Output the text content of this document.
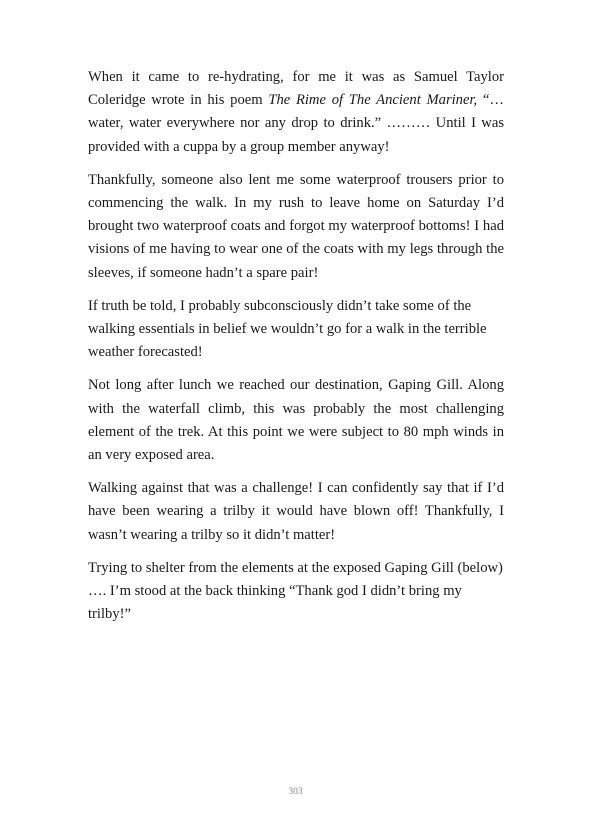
When it came to re-hydrating, for me it was as Samuel Taylor Coleridge wrote in his poem The Rime of The Ancient Mariner, “…water, water everywhere nor any drop to drink.” ……… Until I was provided with a cuppa by a group member anyway!

Thankfully, someone also lent me some waterproof trousers prior to commencing the walk. In my rush to leave home on Saturday I’d brought two waterproof coats and forgot my waterproof bottoms! I had visions of me having to wear one of the coats with my legs through the sleeves, if someone hadn’t a spare pair!

If truth be told, I probably subconsciously didn’t take some of the walking essentials in belief we wouldn’t go for a walk in the terrible weather forecasted!

Not long after lunch we reached our destination, Gaping Gill. Along with the waterfall climb, this was probably the most challenging element of the trek. At this point we were subject to 80 mph winds in an very exposed area.

Walking against that was a challenge! I can confidently say that if I’d have been wearing a trilby it would have blown off! Thankfully, I wasn’t wearing a trilby so it didn’t matter!

Trying to shelter from the elements at the exposed Gaping Gill (below) …. I’m stood at the back thinking “Thank god I didn’t bring my trilby!”

303
